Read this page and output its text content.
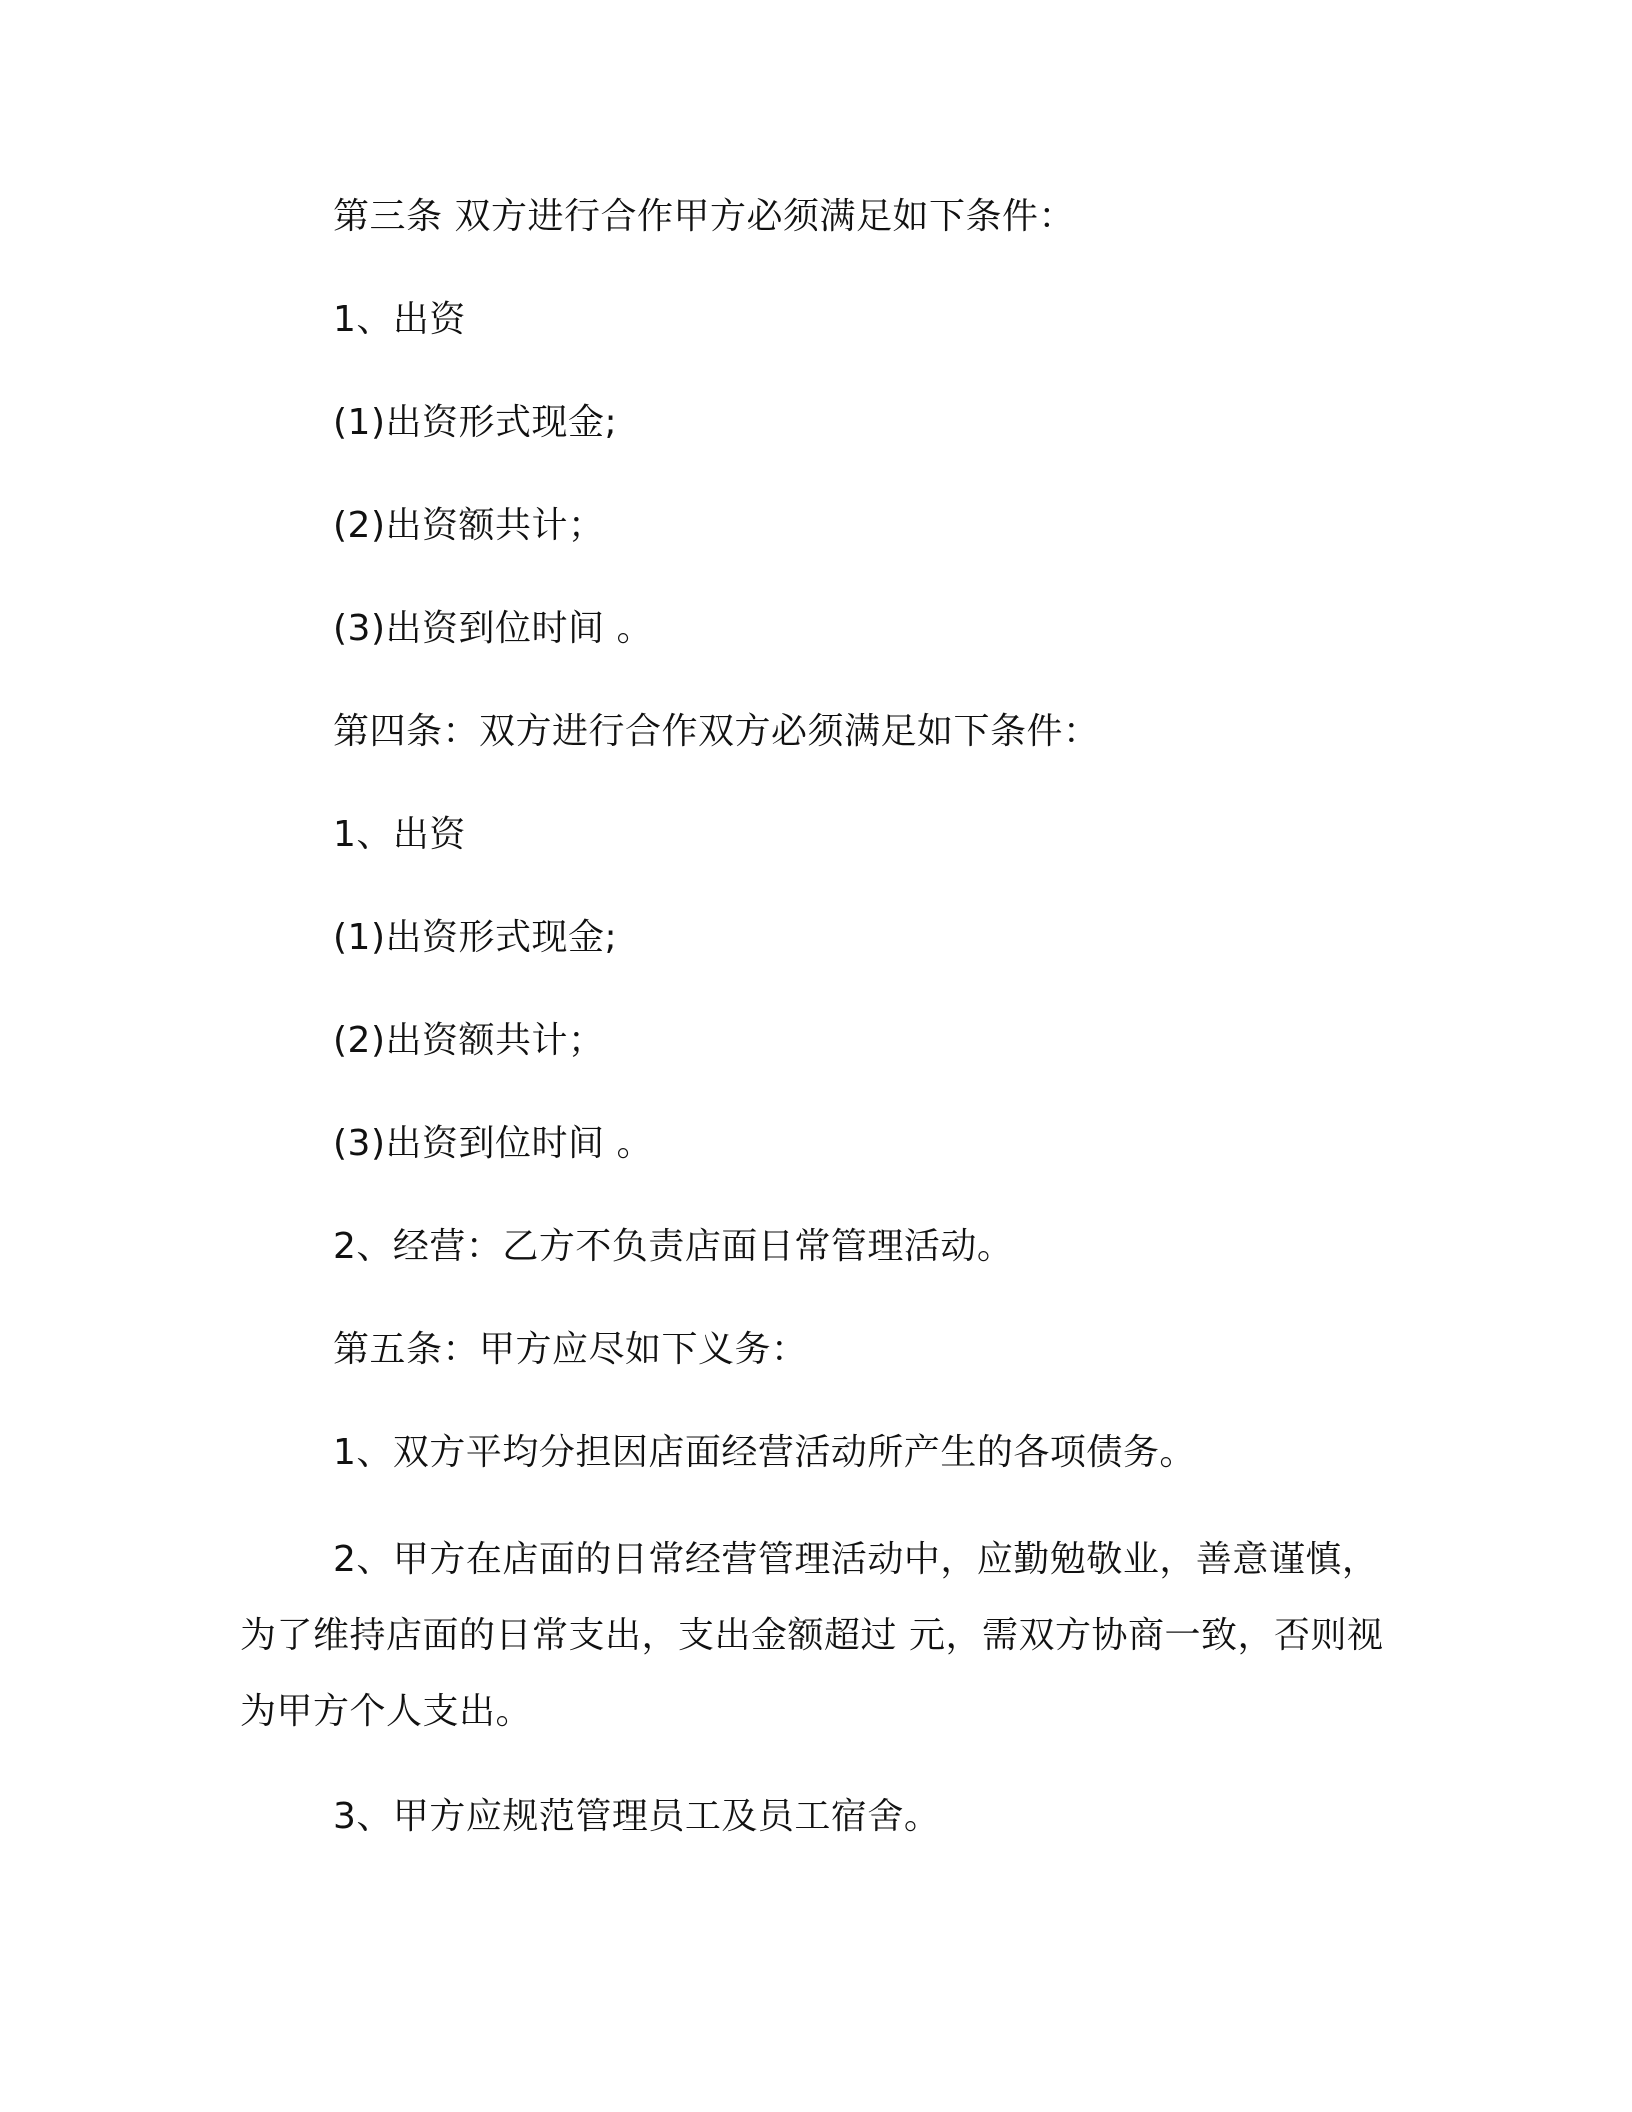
第三条 双方进行合作甲方必须满足如下条件：
1、出资
(1)出资形式现金;
(2)出资额共计；
(3)出资到位时间 。
第四条：双方进行合作双方必须满足如下条件：
1、出资
(1)出资形式现金;
(2)出资额共计；
(3)出资到位时间 。
2、经营：乙方不负责店面日常管理活动。
第五条：甲方应尽如下义务：
1、双方平均分担因店面经营活动所产生的各项债务。
2、甲方在店面的日常经营管理活动中，应勤勉敬业，善意谨慎，为了维持店面的日常支出，支出金额超过 元，需双方协商一致，否则视为甲方个人支出。
3、甲方应规范管理员工及员工宿舍。
